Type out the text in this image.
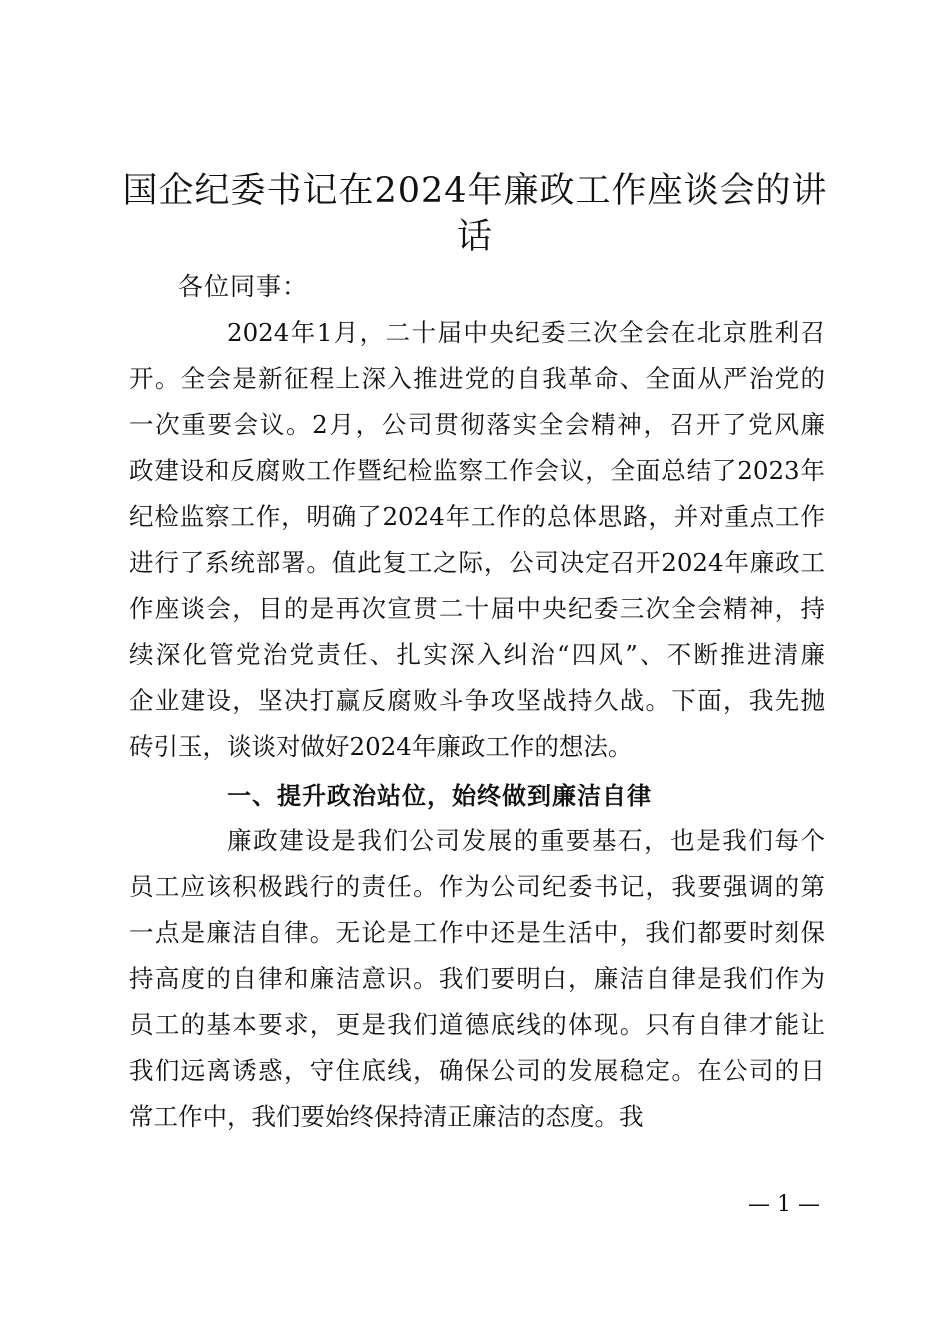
国企纪委书记在2024年廉政工作座谈会的讲
话
各位同事：
2024年1月，二十届中央纪委三次全会在北京胜利召
开。全会是新征程上深入推进党的自我革命、全面从严治党的
一次重要会议。2月，公司贯彻落实全会精神，召开了党风廉
政建设和反腐败工作暨纪检监察工作会议，全面总结了2023年
纪检监察工作，明确了2024年工作的总体思路，并对重点工作
进行了系统部署。值此复工之际，公司决定召开2024年廉政工
作座谈会，目的是再次宣贯二十届中央纪委三次全会精神，持
续深化管党治党责任、扎实深入纠治“四风”、不断推进清廉
企业建设，坚决打赢反腐败斗争攻坚战持久战。下面，我先抛
砖引玉，谈谈对做好2024年廉政工作的想法。
一、提升政治站位，始终做到廉洁自律
廉政建设是我们公司发展的重要基石，也是我们每个
员工应该积极践行的责任。作为公司纪委书记，我要强调的第
一点是廉洁自律。无论是工作中还是生活中，我们都要时刻保
持高度的自律和廉洁意识。我们要明白，廉洁自律是我们作为
员工的基本要求，更是我们道德底线的体现。只有自律才能让
我们远离诱惑，守住底线，确保公司的发展稳定。在公司的日
常工作中，我们要始终保持清正廉洁的态度。我
— 1 —
